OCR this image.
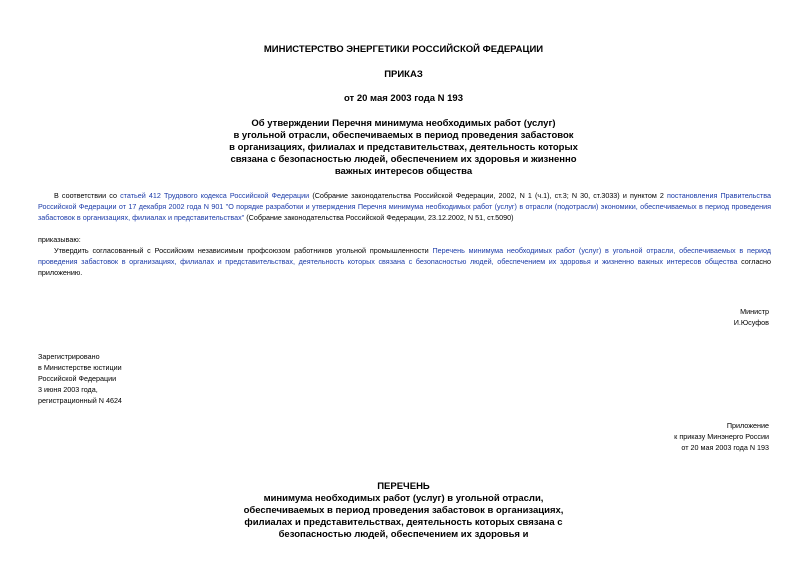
МИНИСТЕРСТВО ЭНЕРГЕТИКИ РОССИЙСКОЙ ФЕДЕРАЦИИ
ПРИКАЗ
от 20 мая 2003 года N 193
Об утверждении Перечня минимума необходимых работ (услуг)
в угольной отрасли, обеспечиваемых в период проведения забастовок
в организациях, филиалах и представительствах, деятельность которых
связана с безопасностью людей, обеспечением их здоровья и жизненно
важных интересов общества

В соответствии со статьей 412 Трудового кодекса Российской Федерации (Собрание законодательства Российской Федерации, 2002, N 1 (ч.1), ст.3; N 30, ст.3033) и пунктом 2 постановления Правительства Российской Федерации от 17 декабря 2002 года N 901 "О порядке разработки и утверждения Перечня минимума необходимых работ (услуг) в отрасли (подотрасли) экономики, обеспечиваемых в период проведения забастовок в организациях, филиалах и представительствах" (Собрание законодательства Российской Федерации, 23.12.2002, N 51, ст.5090)

приказываю:

Утвердить согласованный с Российским независимым профсоюзом работников угольной промышленности Перечень минимума необходимых работ (услуг) в угольной отрасли, обеспечиваемых в период проведения забастовок в организациях, филиалах и представительствах, деятельность которых связана с безопасностью людей, обеспечением их здоровья и жизненно важных интересов общества согласно приложению.

Министр
И.Юсуфов
Зарегистрировано
в Министерстве юстиции
Российской Федерации
3 июня 2003 года,
регистрационный N 4624
Приложение
к приказу Минэнерго России
от 20 мая 2003 года N 193
ПЕРЕЧЕНЬ
минимума необходимых работ (услуг) в угольной отрасли,
обеспечиваемых в период проведения забастовок в организациях,
филиалах и представительствах, деятельность которых связана с
безопасностью людей, обеспечением их здоровья и
